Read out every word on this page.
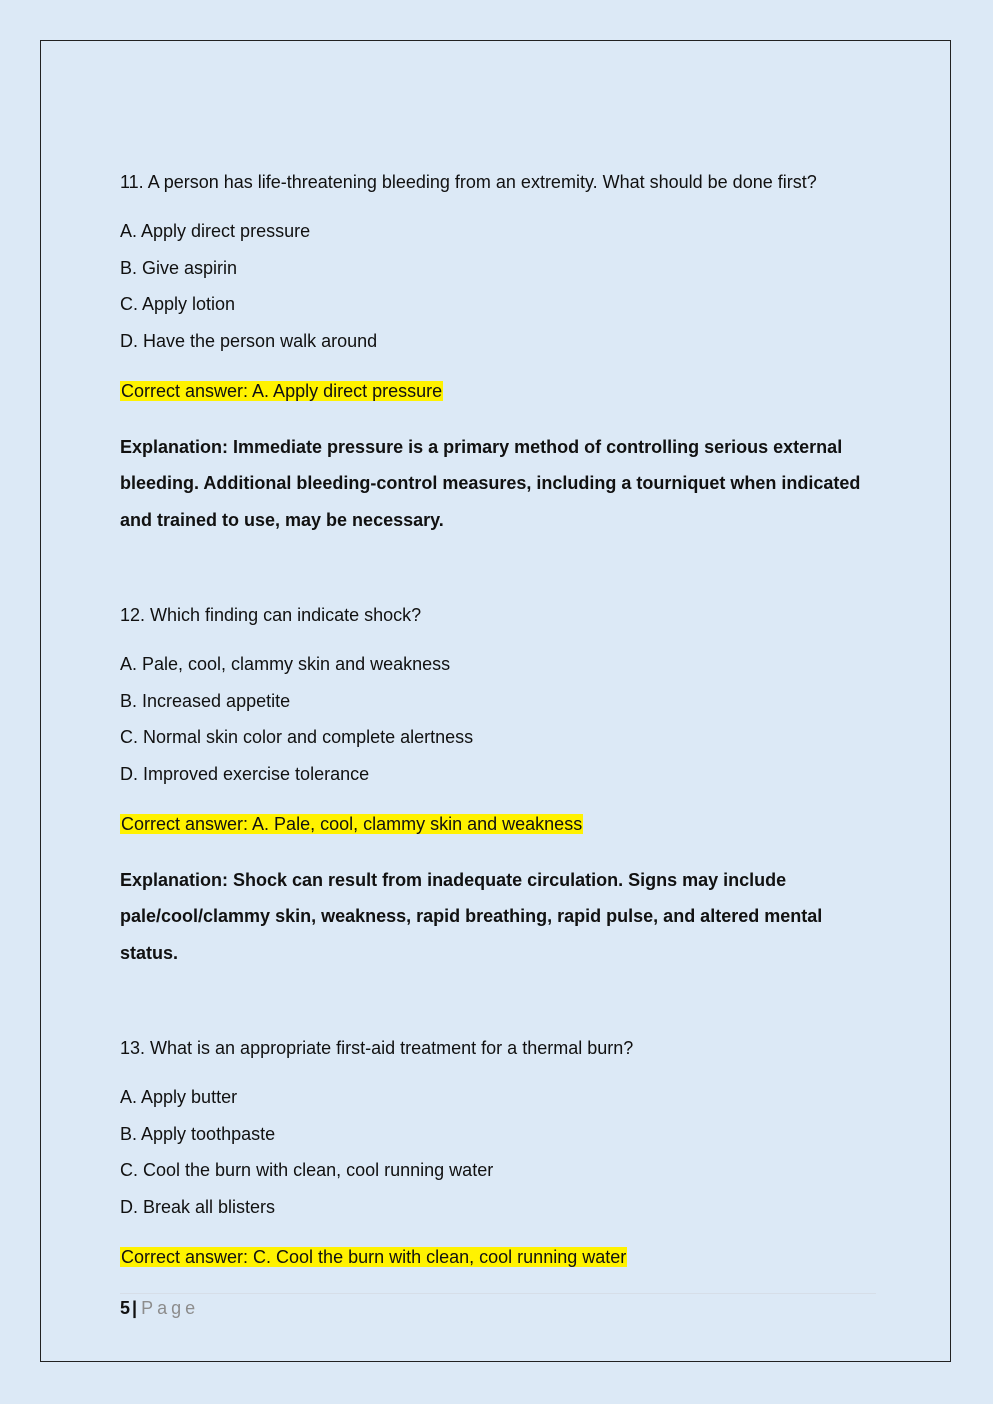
11. A person has life-threatening bleeding from an extremity. What should be done first?

A. Apply direct pressure

B. Give aspirin

C. Apply lotion

D. Have the person walk around

Correct answer: A. Apply direct pressure
Explanation: Immediate pressure is a primary method of controlling serious external bleeding. Additional bleeding-control measures, including a tourniquet when indicated and trained to use, may be necessary.

12. Which finding can indicate shock?

A. Pale, cool, clammy skin and weakness

B. Increased appetite

C. Normal skin color and complete alertness

D. Improved exercise tolerance

Correct answer: A. Pale, cool, clammy skin and weakness
Explanation: Shock can result from inadequate circulation. Signs may include pale/cool/clammy skin, weakness, rapid breathing, rapid pulse, and altered mental status.

13. What is an appropriate first-aid treatment for a thermal burn?

A. Apply butter

B. Apply toothpaste

C. Cool the burn with clean, cool running water

D. Break all blisters

Correct answer: C. Cool the burn with clean, cool running water
5 | Page
